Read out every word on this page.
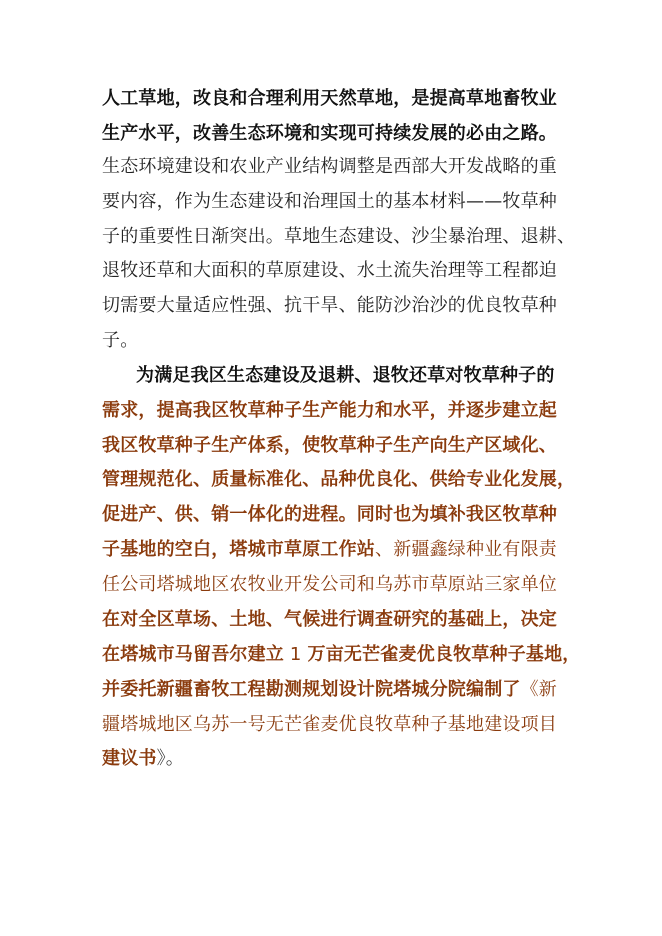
人工草地，改良和合理利用天然草地，是提高草地畜牧业
生产水平，改善生态环境和实现可持续发展的必由之路。
生态环境建设和农业产业结构调整是西部大开发战略的重
要内容，作为生态建设和治理国土的基本材料——牧草种
子的重要性日渐突出。草地生态建设、沙尘暴治理、退耕、
退牧还草和大面积的草原建设、水土流失治理等工程都迫
切需要大量适应性强、抗干旱、能防沙治沙的优良牧草种
子。
为满足我区生态建设及退耕、退牧还草对牧草种子的
需求，提高我区牧草种子生产能力和水平，并逐步建立起
我区牧草种子生产体系，使牧草种子生产向生产区域化、
管理规范化、质量标准化、品种优良化、供给专业化发展，
促进产、供、销一体化的进程。同时也为填补我区牧草种
子基地的空白，塔城市草原工作站、新疆鑫绿种业有限责
任公司塔城地区农牧业开发公司和乌苏市草原站三家单位
在对全区草场、土地、气候进行调查研究的基础上，决定
在塔城市马留吾尔建立 1 万亩无芒雀麦优良牧草种子基地，
并委托新疆畜牧工程勘测规划设计院塔城分院编制了《新
疆塔城地区乌苏一号无芒雀麦优良牧草种子基地建设项目
建议书》。
